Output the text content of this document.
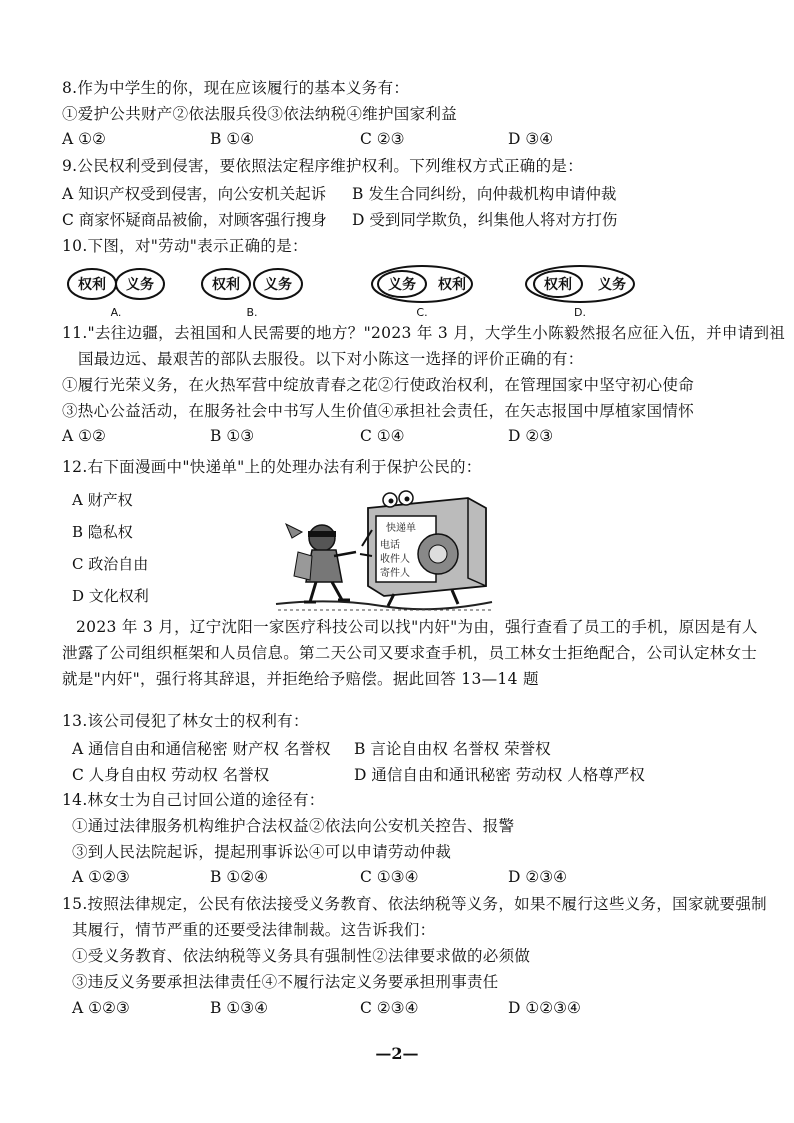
8.作为中学生的你，现在应该履行的基本义务有：
①爱护公共财产②依法服兵役③依法纳税④维护国家利益
A ①②	B ①④	C ②③	D ③④
9.公民权利受到侵害，要依照法定程序维护权利。下列维权方式正确的是：
A 知识产权受到侵害，向公安机关起诉 B 发生合同纠纷，向仲裁机构申请仲裁
C 商家怀疑商品被偷，对顾客强行搜身 D 受到同学欺负，纠集他人将对方打伤
10.下图，对"劳动"表示正确的是：
权利 义务
A.
权利 义务
B.
义务 权利
C.
权利 义务
D.
11."去往边疆，去祖国和人民需要的地方？"2023 年 3 月，大学生小陈毅然报名应征入伍，并申请到祖
国最边远、最艰苦的部队去服役。以下对小陈这一选择的评价正确的有：
①履行光荣义务，在火热军营中绽放青春之花②行使政治权利，在管理国家中坚守初心使命
③热心公益活动，在服务社会中书写人生价值④承担社会责任，在矢志报国中厚植家国情怀
A ①②	B ①③	C ①④	D ②③
12.右下面漫画中"快递单"上的处理办法有利于保护公民的：
A 财产权
B 隐私权
C 政治自由
D 文化权利
快递单
电话
收件人
寄件人
2023 年 3 月，辽宁沈阳一家医疗科技公司以找"内奸"为由，强行查看了员工的手机，原因是有人
泄露了公司组织框架和人员信息。第二天公司又要求查手机，员工林女士拒绝配合，公司认定林女士
就是"内奸"，强行将其辞退，并拒绝给予赔偿。据此回答 13—14 题
13.该公司侵犯了林女士的权利有：
A 通信自由和通信秘密 财产权 名誉权 B 言论自由权 名誉权 荣誉权
C 人身自由权 劳动权 名誉权	D 通信自由和通讯秘密 劳动权 人格尊严权
14.林女士为自己讨回公道的途径有：
①通过法律服务机构维护合法权益②依法向公安机关控告、报警
③到人民法院起诉，提起刑事诉讼④可以申请劳动仲裁
A ①②③	B ①②④	C ①③④	D ②③④
15.按照法律规定，公民有依法接受义务教育、依法纳税等义务，如果不履行这些义务，国家就要强制
其履行，情节严重的还要受法律制裁。这告诉我们：
①受义务教育、依法纳税等义务具有强制性②法律要求做的必须做
③违反义务要承担法律责任④不履行法定义务要承担刑事责任
A ①②③	B ①③④	C ②③④	D ①②③④
—2—
